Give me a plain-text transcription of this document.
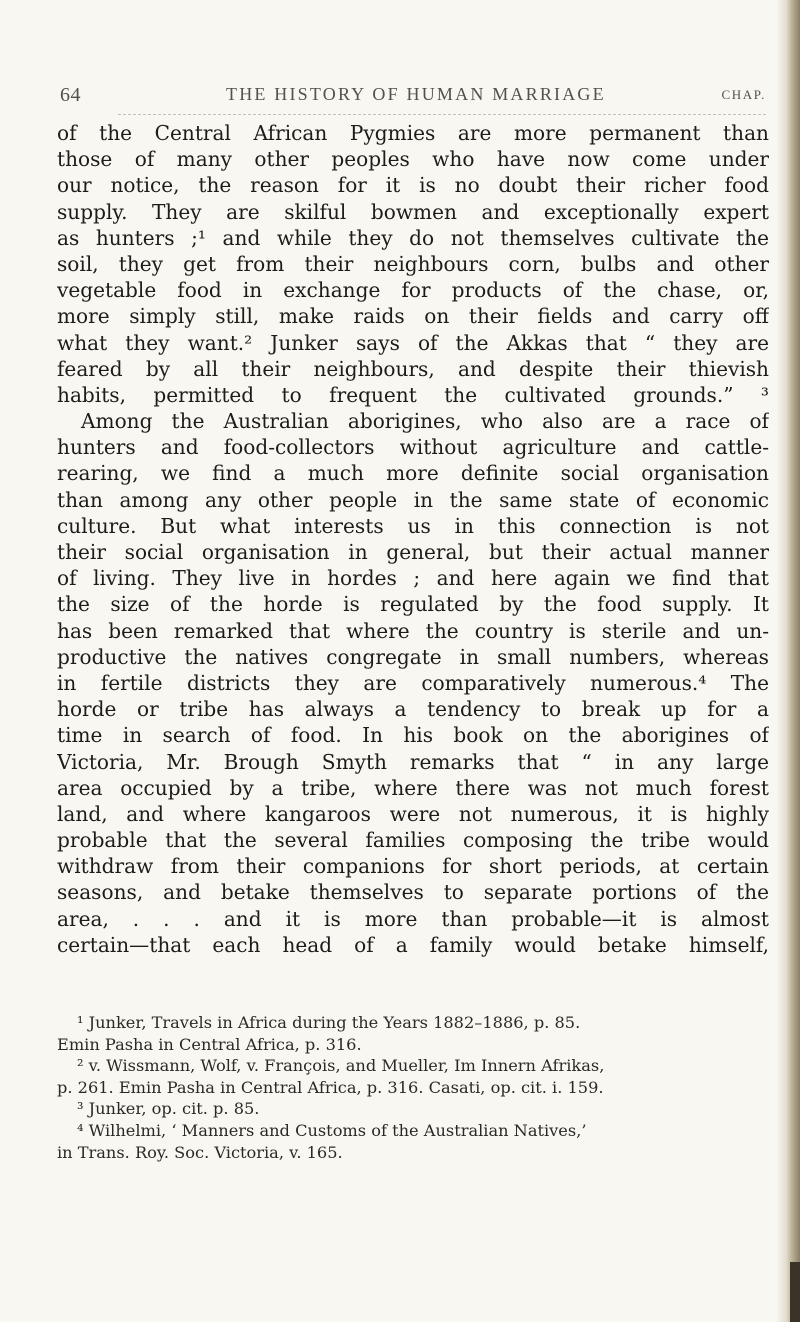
64	THE HISTORY OF HUMAN MARRIAGE	CHAP.
of the Central African Pygmies are more permanent than
those of many other peoples who have now come under
our notice, the reason for it is no doubt their richer food
supply. They are skilful bowmen and exceptionally expert
as hunters ;¹ and while they do not themselves cultivate the
soil, they get from their neighbours corn, bulbs and other
vegetable food in exchange for products of the chase, or,
more simply still, make raids on their fields and carry off
what they want.² Junker says of the Akkas that “ they are
feared by all their neighbours, and despite their thievish
habits, permitted to frequent the cultivated grounds.” ³
Among the Australian aborigines, who also are a race of
hunters and food-collectors without agriculture and cattle-
rearing, we find a much more definite social organisation
than among any other people in the same state of economic
culture. But what interests us in this connection is not
their social organisation in general, but their actual manner
of living. They live in hordes ; and here again we find that
the size of the horde is regulated by the food supply. It
has been remarked that where the country is sterile and un-
productive the natives congregate in small numbers, whereas
in fertile districts they are comparatively numerous.⁴ The
horde or tribe has always a tendency to break up for a
time in search of food. In his book on the aborigines of
Victoria, Mr. Brough Smyth remarks that “ in any large
area occupied by a tribe, where there was not much forest
land, and where kangaroos were not numerous, it is highly
probable that the several families composing the tribe would
withdraw from their companions for short periods, at certain
seasons, and betake themselves to separate portions of the
area, . . . and it is more than probable—it is almost
certain—that each head of a family would betake himself,
¹ Junker, Travels in Africa during the Years 1882–1886, p. 85.
Emin Pasha in Central Africa, p. 316.
² v. Wissmann, Wolf, v. François, and Mueller, Im Innern Afrikas,
p. 261. Emin Pasha in Central Africa, p. 316. Casati, op. cit. i. 159.
³ Junker, op. cit. p. 85.
⁴ Wilhelmi, ‘ Manners and Customs of the Australian Natives,’
in Trans. Roy. Soc. Victoria, v. 165.
